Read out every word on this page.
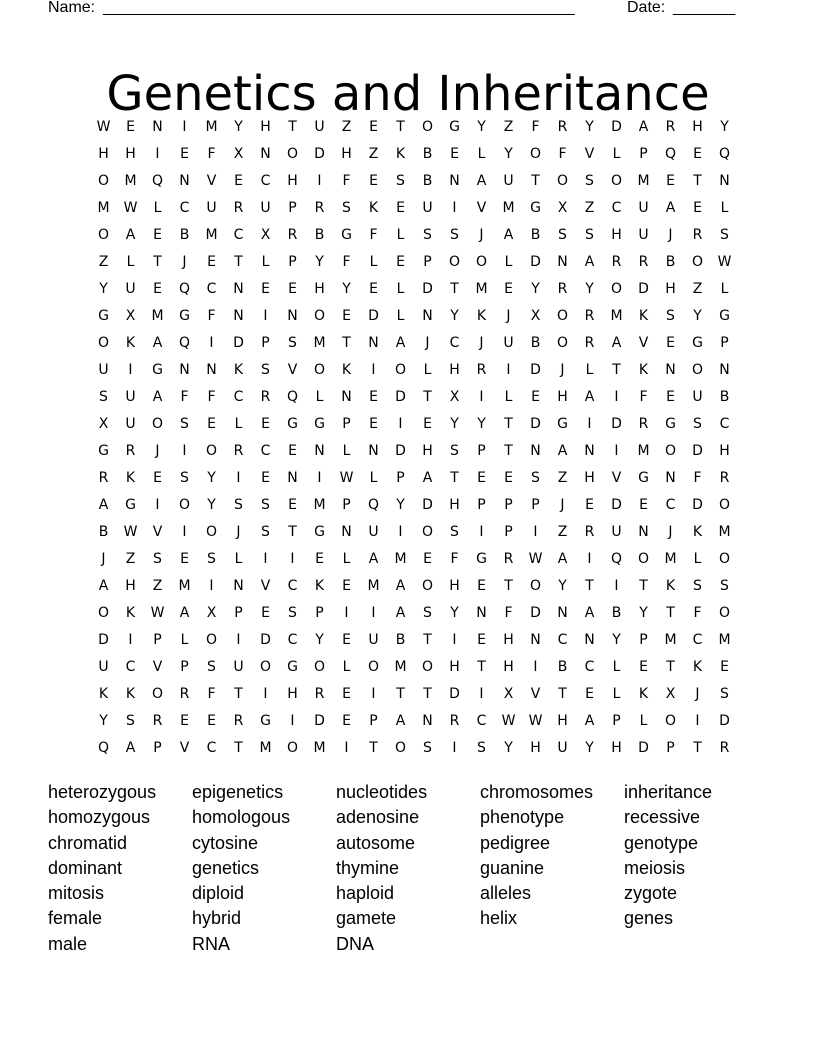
Name: _____________________________________________________	Date: _______
Genetics and Inheritance
W	E	N	I	M	Y	H	T	U	Z	E	T	O	G	Y	Z	F	R	Y	D	A	R	H	Y
H	H	I	E	F	X	N	O	D	H	Z	K	B	E	L	Y	O	F	V	L	P	Q	E	Q
O	M	Q	N	V	E	C	H	I	F	E	S	B	N	A	U	T	O	S	O	M	E	T	N
M	W	L	C	U	R	U	P	R	S	K	E	U	I	V	M	G	X	Z	C	U	A	E	L
O	A	E	B	M	C	X	R	B	G	F	L	S	S	J	A	B	S	S	H	U	J	R	S
Z	L	T	J	E	T	L	P	Y	F	L	E	P	O	O	L	D	N	A	R	R	B	O	W
Y	U	E	Q	C	N	E	E	H	Y	E	L	D	T	M	E	Y	R	Y	O	D	H	Z	L
G	X	M	G	F	N	I	N	O	E	D	L	N	Y	K	J	X	O	R	M	K	S	Y	G
O	K	A	Q	I	D	P	S	M	T	N	A	J	C	J	U	B	O	R	A	V	E	G	P
U	I	G	N	N	K	S	V	O	K	I	O	L	H	R	I	D	J	L	T	K	N	O	N
S	U	A	F	F	C	R	Q	L	N	E	D	T	X	I	L	E	H	A	I	F	E	U	B
X	U	O	S	E	L	E	G	G	P	E	I	E	Y	Y	T	D	G	I	D	R	G	S	C
G	R	J	I	O	R	C	E	N	L	N	D	H	S	P	T	N	A	N	I	M	O	D	H
R	K	E	S	Y	I	E	N	I	W	L	P	A	T	E	E	S	Z	H	V	G	N	F	R
A	G	I	O	Y	S	S	E	M	P	Q	Y	D	H	P	P	P	J	E	D	E	C	D	O
B	W	V	I	O	J	S	T	G	N	U	I	O	S	I	P	I	Z	R	U	N	J	K	M
J	Z	S	E	S	L	I	I	E	L	A	M	E	F	G	R	W	A	I	Q	O	M	L	O
A	H	Z	M	I	N	V	C	K	E	M	A	O	H	E	T	O	Y	T	I	T	K	S	S
O	K	W	A	X	P	E	S	P	I	I	A	S	Y	N	F	D	N	A	B	Y	T	F	O
D	I	P	L	O	I	D	C	Y	E	U	B	T	I	E	H	N	C	N	Y	P	M	C	M
U	C	V	P	S	U	O	G	O	L	O	M	O	H	T	H	I	B	C	L	E	T	K	E
K	K	O	R	F	T	I	H	R	E	I	T	T	D	I	X	V	T	E	L	K	X	J	S
Y	S	R	E	E	R	G	I	D	E	P	A	N	R	C	W W	H	A	P	L	O	I	D
Q	A	P	V	C	T	M	O	M	I	T	O	S	I	S	Y	H	U	Y	H	D	P	T	R
heterozygous	epigenetics	nucleotides	chromosomes	inheritance
homozygous	homologous	adenosine	phenotype	recessive
chromatid	cytosine	autosome	pedigree	genotype
dominant	genetics	thymine	guanine	meiosis
mitosis	diploid	haploid	alleles	zygote
female	hybrid	gamete	helix	genes
male	RNA	DNA
